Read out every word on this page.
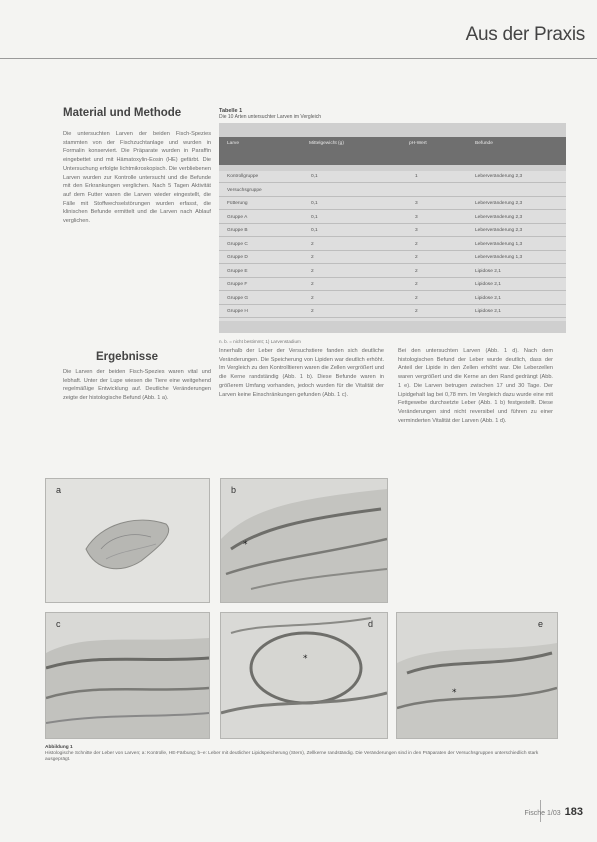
Aus der Praxis
Material und Methode
Die untersuchten Larven der beiden Fisch-Spezies stammten von der Fischzuchtanlage und wurden in Formalin konserviert. Die Präparate wurden in Paraffin eingebettet und mit Hämatoxylin-Eosin (HE) gefärbt. Die Untersuchung erfolgte lichtmikroskopisch. Die verbliebenen Larven wurden zur Kontrolle untersucht und die Befunde mit den Erkrankungen verglichen. Nach 5 Tagen Aktivität auf dem Futter waren die Larven wieder eingestellt, die Fälle mit Stoffwechselstörungen wurden erfasst, die klinischen Befunde ermittelt und die Larven nach Ablauf verglichen.
Tabelle 1
Die 10 Arten untersuchter Larven im Vergleich
Larve	Mittelgewicht (g)	pH-Wert	Befunde
Kontrollgruppe	0,1	1	Leberveränderung 2,3
Versuchsgruppe
Fütterung	0,1	3	Leberveränderung 2,3
Gruppe A	0,1	3	Leberveränderung 2,3
Gruppe B	0,1	3	Leberveränderung 2,3
Gruppe C	2	2	Leberveränderung 1,3
Gruppe D	2	2	Leberveränderung 1,3
Gruppe E	2	2	Lipidose 2,1
Gruppe F	2	2	Lipidose 2,1
Gruppe G	2	2	Lipidose 2,1
Gruppe H	2	2	Lipidose 2,1
n. b. = nicht bestimmt; 1) Larvenstadium
Ergebnisse
Die Larven der beiden Fisch-Spezies waren vital und lebhaft. Unter der Lupe wiesen die Tiere eine weitgehend regelmäßige Entwicklung auf. Deutliche Veränderungen zeigte der histologische Befund (Abb. 1 a).
Innerhalb der Leber der Versuchstiere fanden sich deutliche Veränderungen. Die Speicherung von Lipiden war deutlich erhöht. Im Vergleich zu den Kontrolltieren waren die Zellen vergrößert und die Kerne randständig (Abb. 1 b). Diese Befunde waren in größerem Umfang vorhanden, jedoch wurden für die Vitalität der Larven keine Einschränkungen gefunden (Abb. 1 c).
Bei den untersuchten Larven (Abb. 1 d). Nach dem histologischen Befund der Leber wurde deutlich, dass der Anteil der Lipide in den Zellen erhöht war. Die Leberzellen waren vergrößert und die Kerne an den Rand gedrängt (Abb. 1 e). Die Larven betrugen zwischen 17 und 30 Tage. Der Lipidgehalt lag bei 0,78 mm. Im Vergleich dazu wurde eine mit Fettgewebe durchsetzte Leber (Abb. 1 b) festgestellt. Diese Veränderungen sind nicht reversibel und führen zu einer verminderten Vitalität der Larven (Abb. 1 d).
a
*
b
c
*
d
*
e
Abbildung 1
Histologische Schnitte der Leber von Larven; a: Kontrolle, HE-Färbung; b–e: Leber mit deutlicher Lipidspeicherung (Stern), Zellkerne randständig. Die Veränderungen sind in den Präparaten der Versuchsgruppen unterschiedlich stark ausgeprägt.
Fische 1/03 183
